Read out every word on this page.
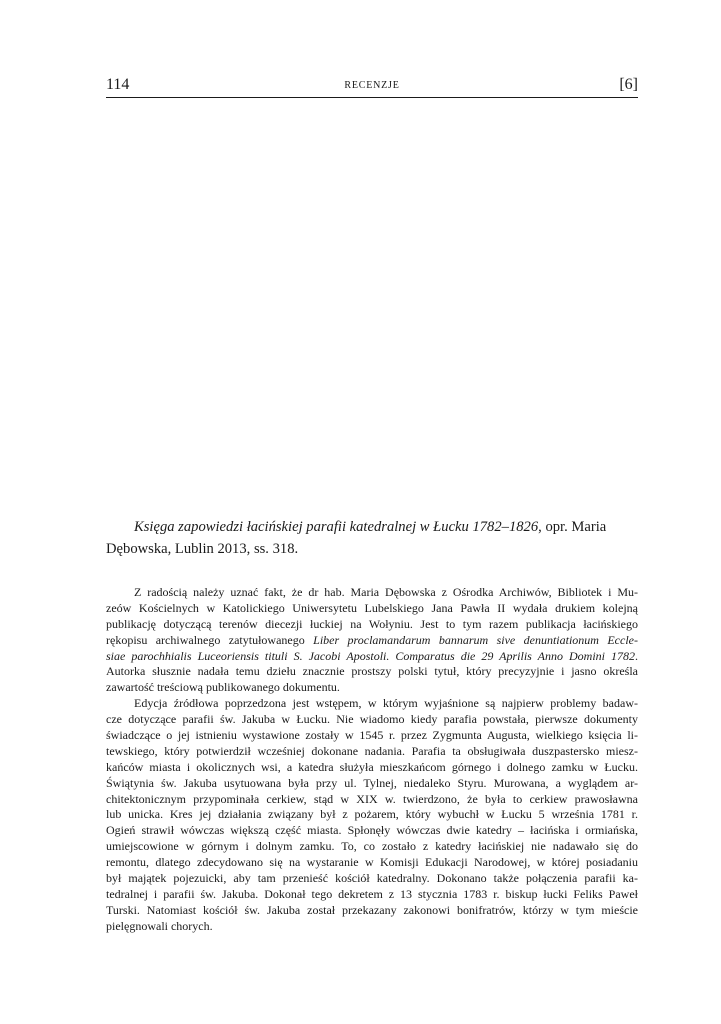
114	RECENZJE	[6]
Księga zapowiedzi łacińskiej parafii katedralnej w Łucku 1782–1826, opr. Maria
Dębowska, Lublin 2013, ss. 318.
Z radością należy uznać fakt, że dr hab. Maria Dębowska z Ośrodka Archiwów, Bibliotek i Mu-
zeów Kościelnych w Katolickiego Uniwersytetu Lubelskiego Jana Pawła II wydała drukiem kolejną
publikację dotyczącą terenów diecezji łuckiej na Wołyniu. Jest to tym razem publikacja łacińskiego
rękopisu archiwalnego zatytułowanego Liber proclamandarum bannarum sive denuntiationum Eccle-
siae parochhialis Luceoriensis tituli S. Jacobi Apostoli. Comparatus die 29 Aprilis Anno Domini 1782.
Autorka słusznie nadała temu dziełu znacznie prostszy polski tytuł, który precyzyjnie i jasno określa
zawartość treściową publikowanego dokumentu.
Edycja źródłowa poprzedzona jest wstępem, w którym wyjaśnione są najpierw problemy badaw-
cze dotyczące parafii św. Jakuba w Łucku. Nie wiadomo kiedy parafia powstała, pierwsze dokumenty
świadczące o jej istnieniu wystawione zostały w 1545 r. przez Zygmunta Augusta, wielkiego księcia li-
tewskiego, który potwierdził wcześniej dokonane nadania. Parafia ta obsługiwała duszpastersko miesz-
kańców miasta i okolicznych wsi, a katedra służyła mieszkańcom górnego i dolnego zamku w Łucku.
Świątynia św. Jakuba usytuowana była przy ul. Tylnej, niedaleko Styru. Murowana, a wyglądem ar-
chitektonicznym przypominała cerkiew, stąd w XIX w. twierdzono, że była to cerkiew prawosławna
lub unicka. Kres jej działania związany był z pożarem, który wybuchł w Łucku 5 września 1781 r.
Ogień strawił wówczas większą część miasta. Spłonęły wówczas dwie katedry – łacińska i ormiańska,
umiejscowione w górnym i dolnym zamku. To, co zostało z katedry łacińskiej nie nadawało się do
remontu, dlatego zdecydowano się na wystaranie w Komisji Edukacji Narodowej, w której posiadaniu
był majątek pojezuicki, aby tam przenieść kościół katedralny. Dokonano także połączenia parafii ka-
tedralnej i parafii św. Jakuba. Dokonał tego dekretem z 13 stycznia 1783 r. biskup łucki Feliks Paweł
Turski. Natomiast kościół św. Jakuba został przekazany zakonowi bonifratrów, którzy w tym mieście
pielęgnowali chorych.
